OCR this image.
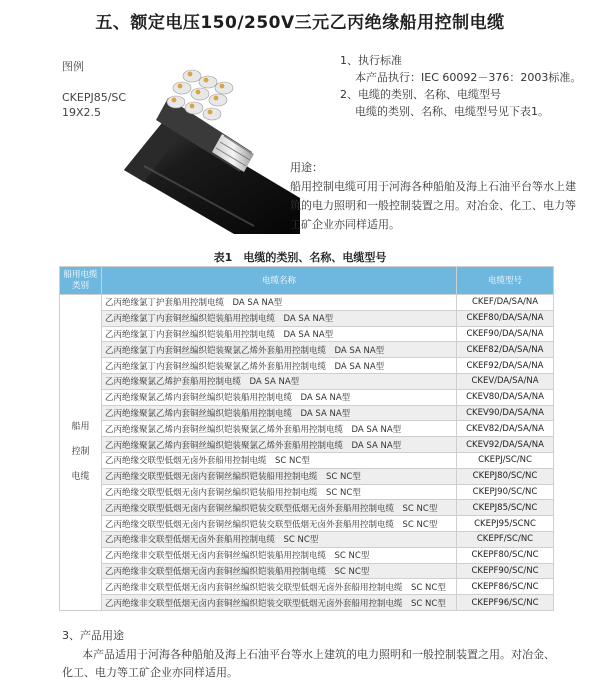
五、额定电压150/250V三元乙丙绝缘船用控制电缆
图例
CKEPJ85/SC
19X2.5
1、执行标准
本产品执行：IEC 60092－376：2003标准。
2、电缆的类别、名称、电缆型号
电缆的类别、名称、电缆型号见下表1。
用途：
船用控制电缆可用于河海各种船舶及海上石油平台等水上建筑的电力照明和一般控制装置之用。对冶金、化工、电力等工矿企业亦同样适用。
表1　电缆的类别、名称、电缆型号
船用电缆类别	电缆名称	电缆型号
船用
控制
电缆	乙丙绝缘氯丁护套船用控制电缆　DA SA NA型	CKEF/DA/SA/NA
	乙丙绝缘氯丁内套铜丝编织铠装船用控制电缆　DA SA NA型	CKEF80/DA/SA/NA
	乙丙绝缘氯丁内套铜丝编织铠装船用控制电缆　DA SA NA型	CKEF90/DA/SA/NA
	乙丙绝缘氯丁内套铜丝编织铠装聚氯乙烯外套船用控制电缆　DA SA NA型	CKEF82/DA/SA/NA
	乙丙绝缘氯丁内套铜丝编织铠装聚氯乙烯外套船用控制电缆　DA SA NA型	CKEF92/DA/SA/NA
	乙丙绝缘聚氯乙烯护套船用控制电缆　DA SA NA型	CKEV/DA/SA/NA
	乙丙绝缘聚氯乙烯内套铜丝编织铠装船用控制电缆　DA SA NA型	CKEV80/DA/SA/NA
	乙丙绝缘聚氯乙烯内套铜丝编织铠装船用控制电缆　DA SA NA型	CKEV90/DA/SA/NA
	乙丙绝缘聚氯乙烯内套铜丝编织铠装聚氯乙烯外套船用控制电缆　DA SA NA型	CKEV82/DA/SA/NA
	乙丙绝缘聚氯乙烯内套铜丝编织铠装聚氯乙烯外套船用控制电缆　DA SA NA型	CKEV92/DA/SA/NA
	乙丙绝缘交联型低烟无卤外套船用控制电缆　SC NC型	CKEPJ/SC/NC
	乙丙绝缘交联型低烟无卤内套铜丝编织铠装船用控制电缆　SC NC型	CKEPJ80/SC/NC
	乙丙绝缘交联型低烟无卤内套铜丝编织铠装船用控制电缆　SC NC型	CKEPJ90/SC/NC
	乙丙绝缘交联型低烟无卤内套铜丝编织铠装交联型低烟无卤外套船用控制电缆　SC NC型	CKEPJ85/SC/NC
	乙丙绝缘交联型低烟无卤内套铜丝编织铠装交联型低烟无卤外套船用控制电缆　SC NC型	CKEPJ95/SCNC
	乙丙绝缘非交联型低烟无卤外套船用控制电缆　SC NC型	CKEPF/SC/NC
	乙丙绝缘非交联型低烟无卤内套铜丝编织铠装船用控制电缆　SC NC型	CKEPF80/SC/NC
	乙丙绝缘非交联型低烟无卤内套铜丝编织铠装船用控制电缆　SC NC型	CKEPF90/SC/NC
	乙丙绝缘非交联型低烟无卤内套铜丝编织铠装交联型低烟无卤外套船用控制电缆　SC NC型	CKEPF86/SC/NC
	乙丙绝缘非交联型低烟无卤内套铜丝编织铠装交联型低烟无卤外套船用控制电缆　SC NC型	CKEPF96/SC/NC
3、产品用途
本产品适用于河海各种船舶及海上石油平台等水上建筑的电力照明和一般控制装置之用。对冶金、化工、电力等工矿企业亦同样适用。
